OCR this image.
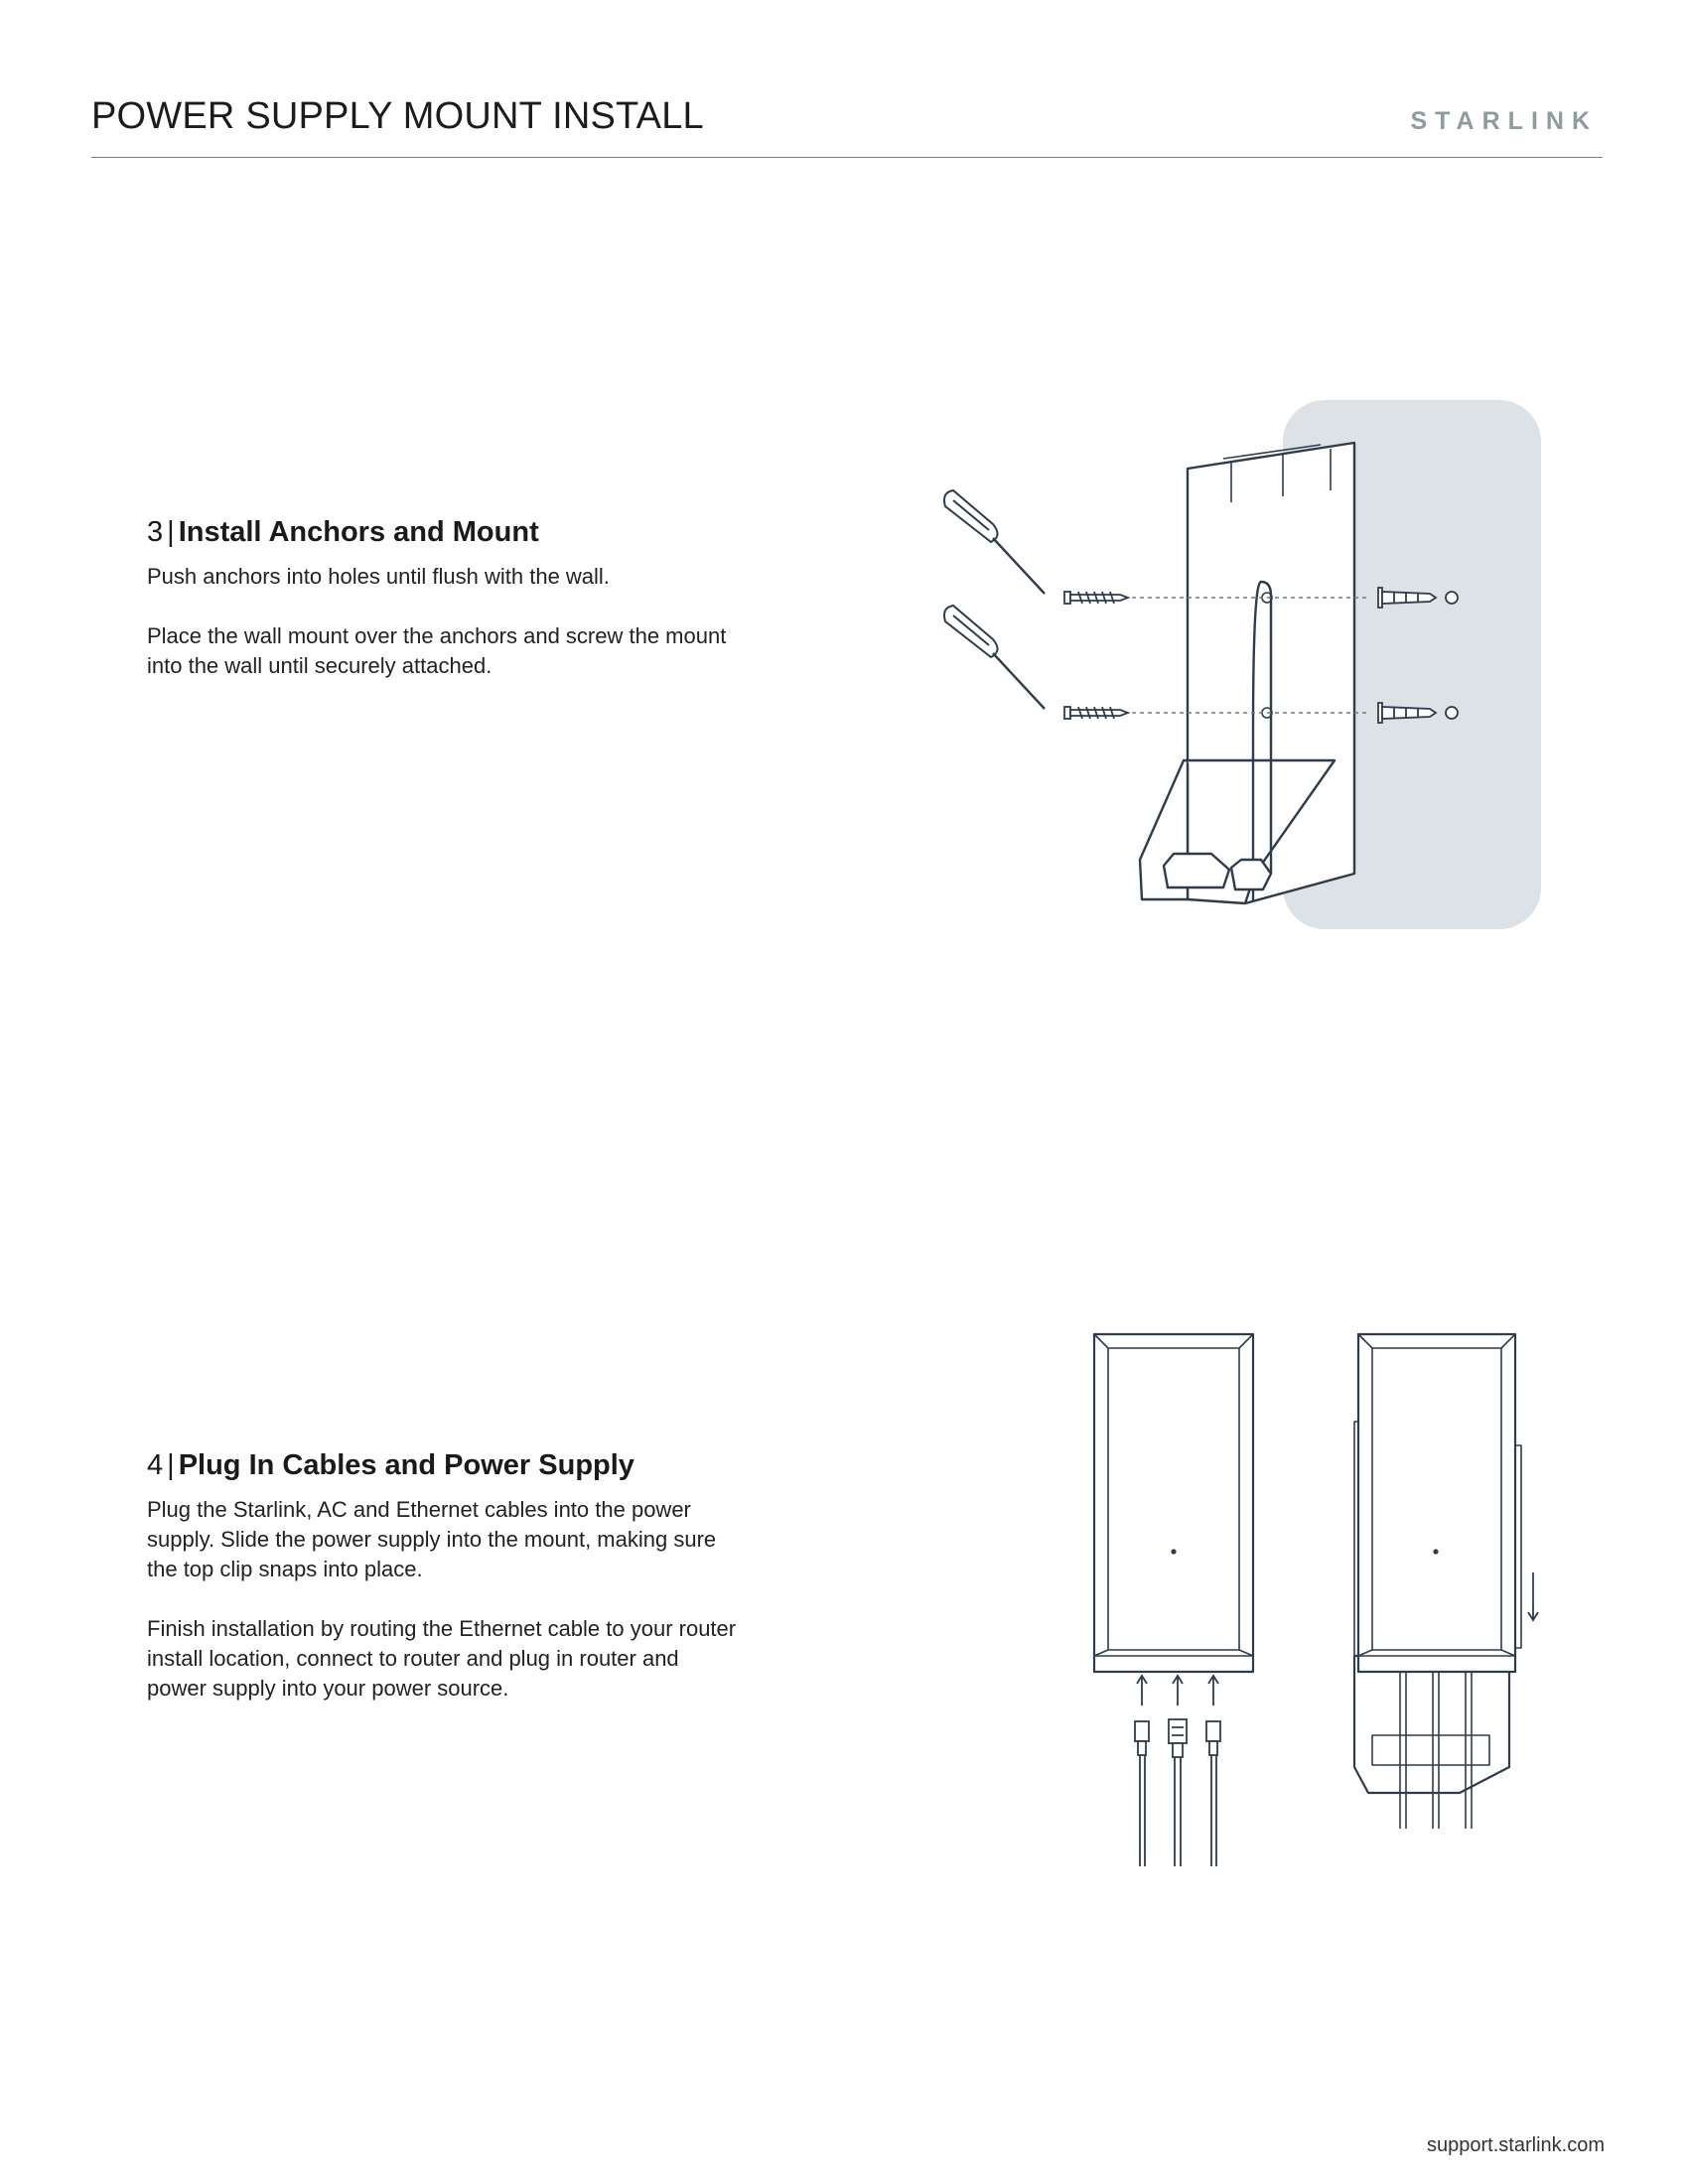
POWER SUPPLY MOUNT INSTALL	STARLINK
3 | Install Anchors and Mount

Push anchors into holes until flush with the wall.

Place the wall mount over the anchors and screw the mount into the wall until securely attached.

4 | Plug In Cables and Power Supply

Plug the Starlink, AC and Ethernet cables into the power supply. Slide the power supply into the mount, making sure the top clip snaps into place.

Finish installation by routing the Ethernet cable to your router install location, connect to router and plug in router and power supply into your power source.

support.starlink.com
